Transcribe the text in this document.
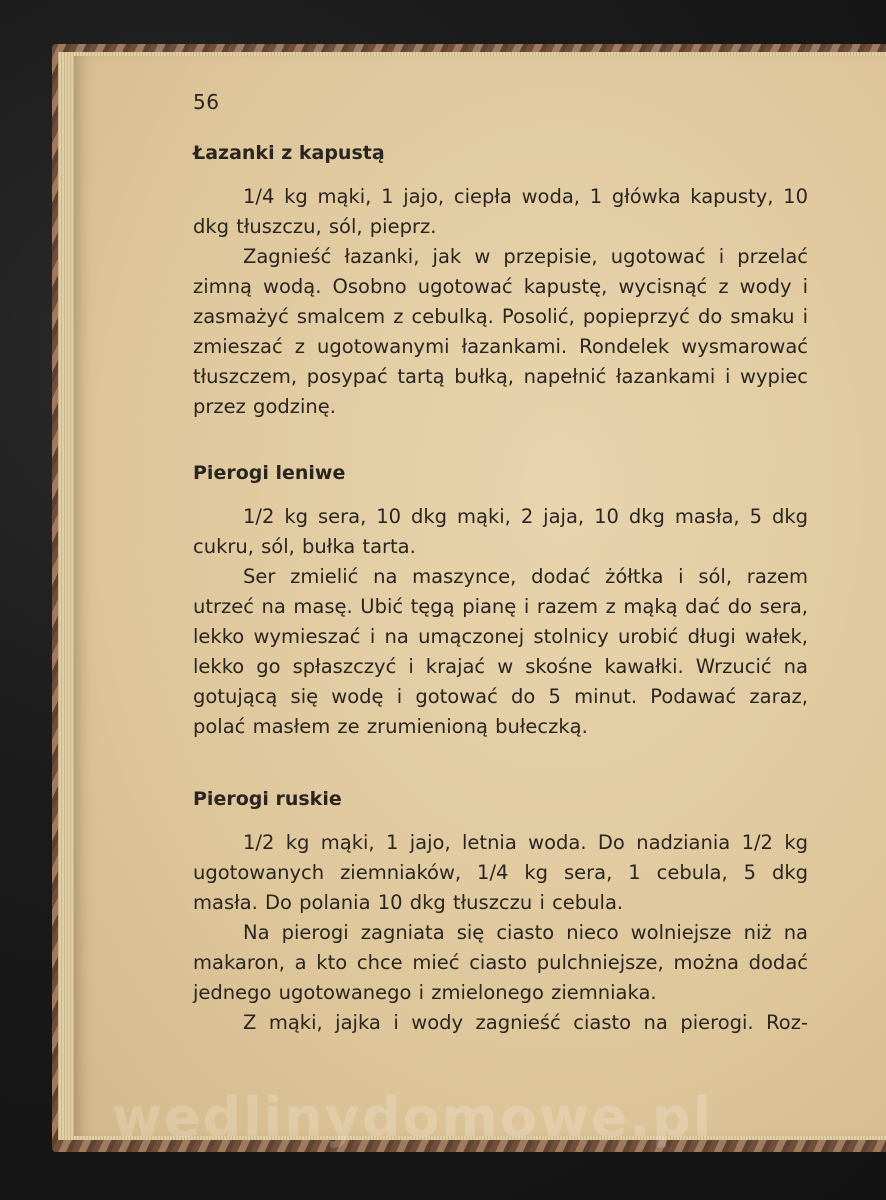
56
Łazanki z kapustą

1/4 kg mąki, 1 jajo, ciepła woda, 1 główka kapusty, 10 dkg tłuszczu, sól, pieprz.

Zagnieść łazanki, jak w przepisie, ugotować i przelać zimną wodą. Osobno ugotować kapustę, wycisnąć z wody i zasmażyć smalcem z cebulką. Posolić, popieprzyć do smaku i zmieszać z ugotowanymi łazankami. Rondelek wysmarować tłuszczem, posypać tartą bułką, napełnić łazankami i wypiec przez godzinę.

Pierogi leniwe

1/2 kg sera, 10 dkg mąki, 2 jaja, 10 dkg masła, 5 dkg cukru, sól, bułka tarta.

Ser zmielić na maszynce, dodać żółtka i sól, razem utrzeć na masę. Ubić tęgą pianę i razem z mąką dać do sera, lekko wymieszać i na umączonej stolnicy urobić długi wałek, lekko go spłaszczyć i krajać w skośne kawałki. Wrzucić na gotującą się wodę i gotować do 5 minut. Podawać zaraz, polać masłem ze zrumienioną bułeczką.

Pierogi ruskie

1/2 kg mąki, 1 jajo, letnia woda. Do nadziania 1/2 kg ugotowanych ziemniaków, 1/4 kg sera, 1 cebula, 5 dkg masła. Do polania 10 dkg tłuszczu i cebula.

Na pierogi zagniata się ciasto nieco wolniejsze niż na makaron, a kto chce mieć ciasto pulchniejsze, można dodać jednego ugotowanego i zmielonego ziemniaka.

Z mąki, jajka i wody zagnieść ciasto na pierogi. Roz-

wedlinydomowe.pl
